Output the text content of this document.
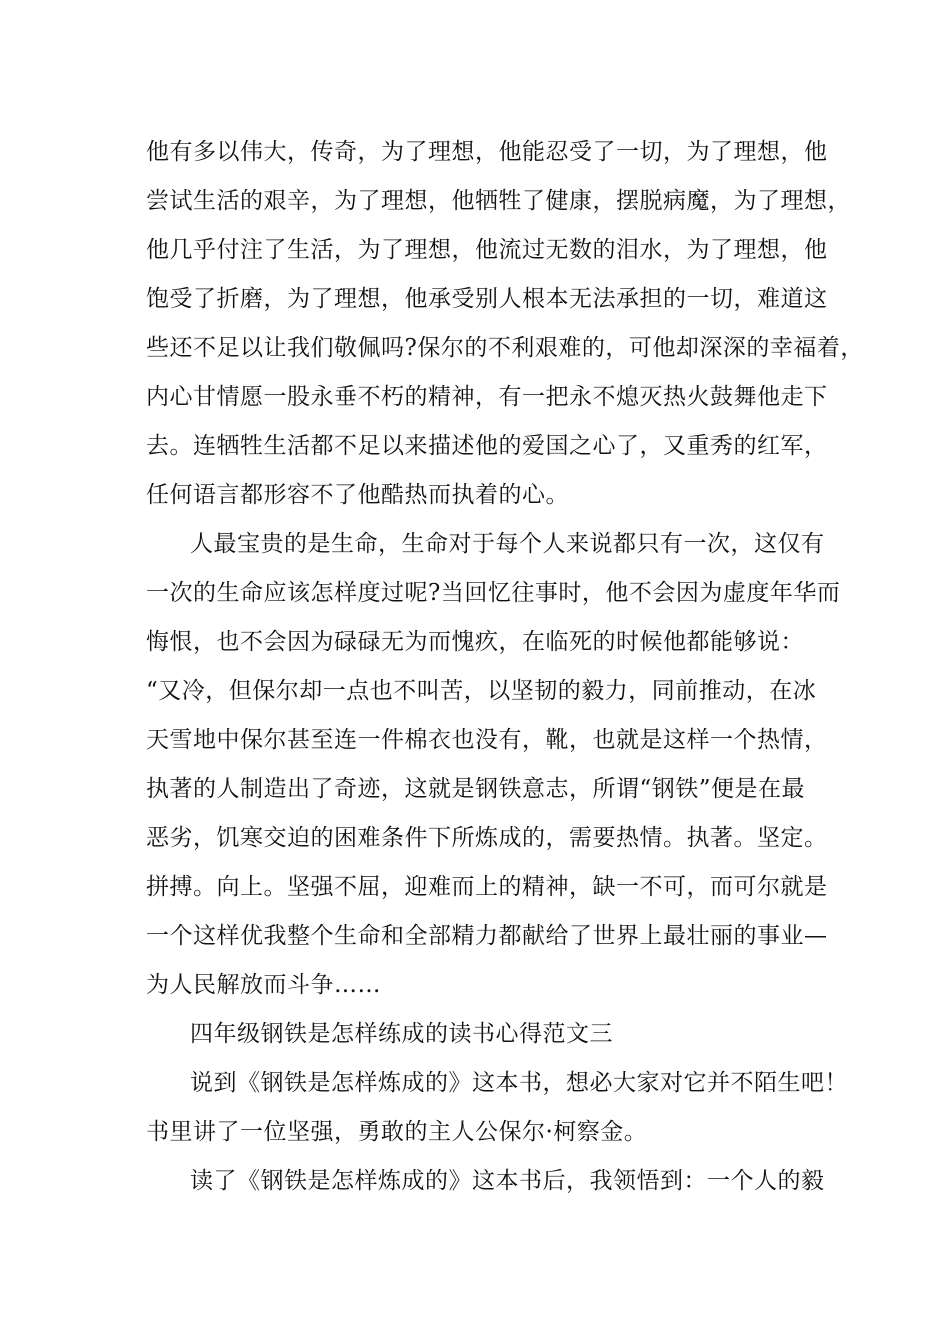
他有多以伟大，传奇，为了理想，他能忍受了一切，为了理想，他
尝试生活的艰辛，为了理想，他牺牲了健康，摆脱病魔，为了理想，
他几乎付注了生活，为了理想，他流过无数的泪水，为了理想，他
饱受了折磨，为了理想，他承受别人根本无法承担的一切，难道这
些还不足以让我们敬佩吗?保尔的不利艰难的，可他却深深的幸福着，
内心甘情愿一股永垂不朽的精神，有一把永不熄灭热火鼓舞他走下
去。连牺牲生活都不足以来描述他的爱国之心了，又重秀的红军，
任何语言都形容不了他酷热而执着的心。
人最宝贵的是生命，生命对于每个人来说都只有一次，这仅有
一次的生命应该怎样度过呢?当回忆往事时，他不会因为虚度年华而
悔恨，也不会因为碌碌无为而愧疚，在临死的时候他都能够说：
“又冷，但保尔却一点也不叫苦，以坚韧的毅力，同前推动，在冰
天雪地中保尔甚至连一件棉衣也没有，靴，也就是这样一个热情，
执著的人制造出了奇迹，这就是钢铁意志，所谓“钢铁”便是在最
恶劣，饥寒交迫的困难条件下所炼成的，需要热情。执著。坚定。
拼搏。向上。坚强不屈，迎难而上的精神，缺一不可，而可尔就是
一个这样优我整个生命和全部精力都献给了世界上最壮丽的事业—
为人民解放而斗争……
四年级钢铁是怎样练成的读书心得范文三
说到《钢铁是怎样炼成的》这本书，想必大家对它并不陌生吧！
书里讲了一位坚强，勇敢的主人公保尔·柯察金。
读了《钢铁是怎样炼成的》这本书后，我领悟到：一个人的毅
